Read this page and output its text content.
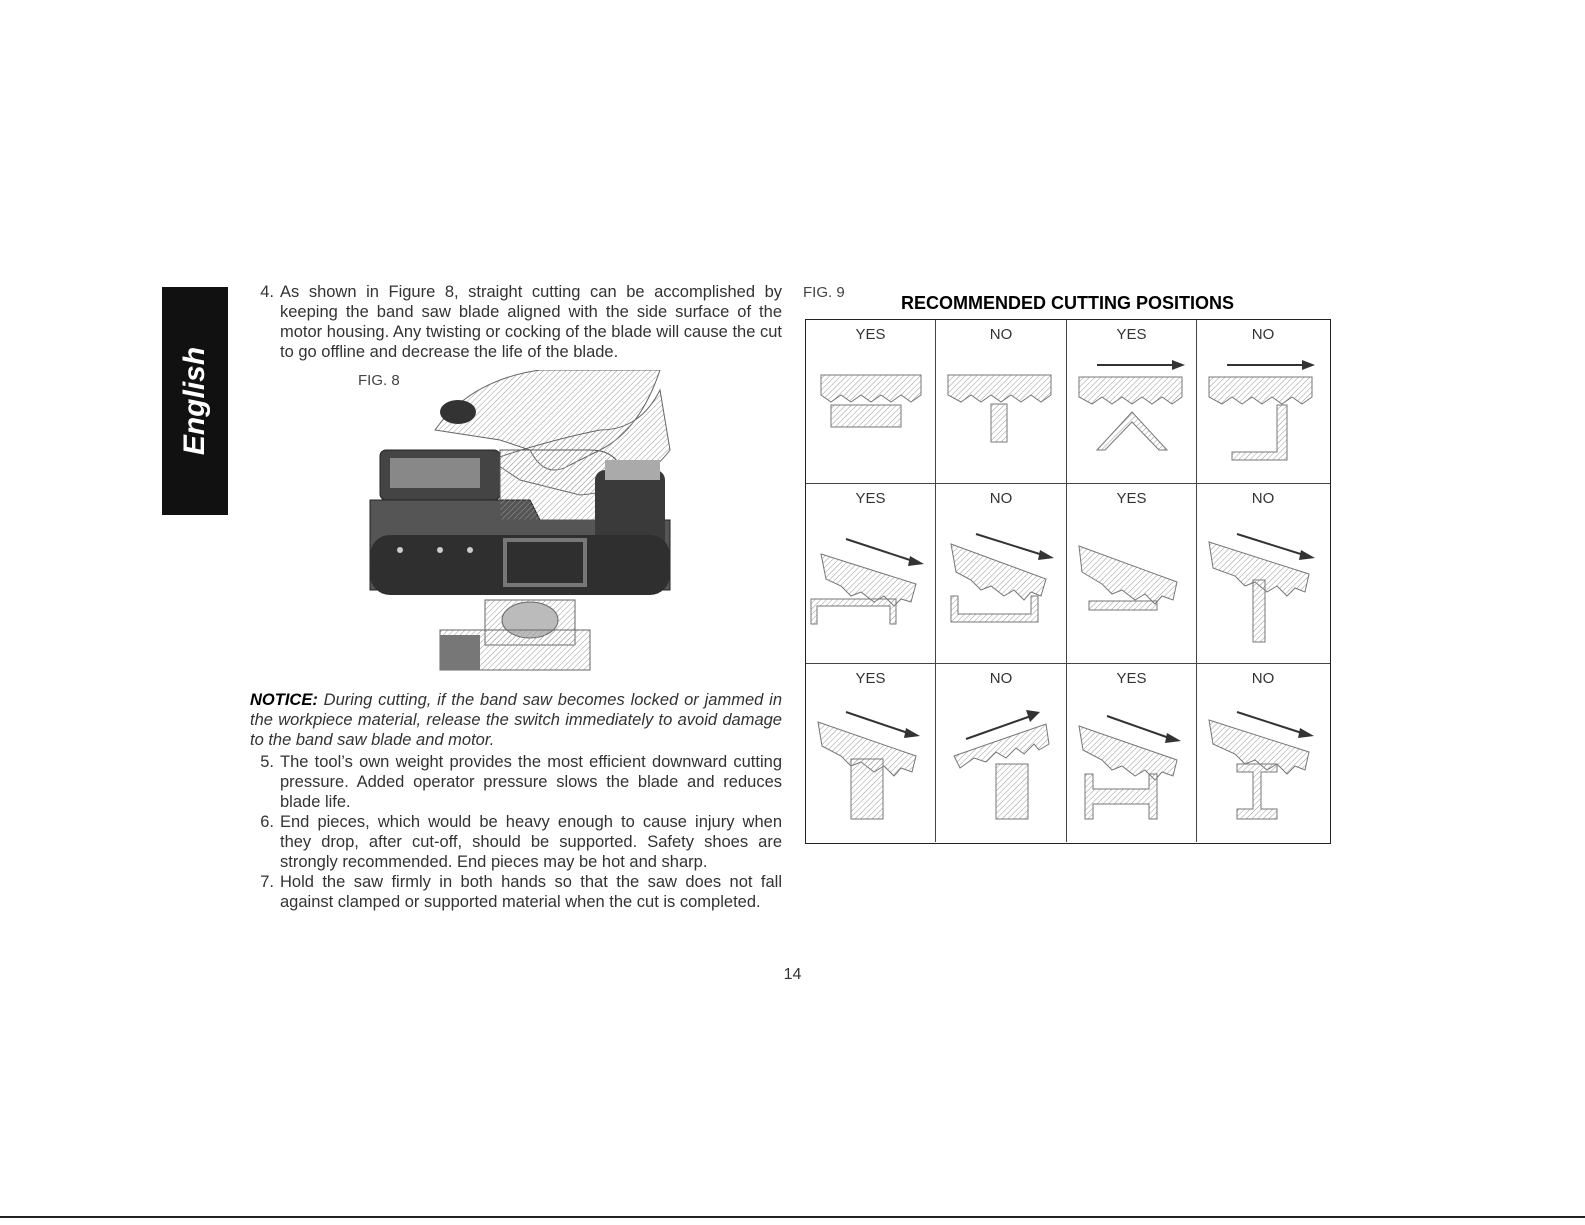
English
4. As shown in Figure 8, straight cutting can be accomplished by keeping the band saw blade aligned with the side surface of the motor housing. Any twisting or cocking of the blade will cause the cut to go offline and decrease the life of the blade.
FIG. 8
NOTICE: During cutting, if the band saw becomes locked or jammed in the workpiece material, release the switch immediately to avoid damage to the band saw blade and motor.
5. The tool’s own weight provides the most efficient downward cutting pressure. Added operator pressure slows the blade and reduces blade life.
6. End pieces, which would be heavy enough to cause injury when they drop, after cut-off, should be supported. Safety shoes are strongly recommended. End pieces may be hot and sharp.
7. Hold the saw firmly in both hands so that the saw does not fall against clamped or supported material when the cut is completed.
FIG. 9
RECOMMENDED CUTTING POSITIONS
YES	NO	YES	NO
YES	NO	YES	NO
YES	NO	YES	NO
14
